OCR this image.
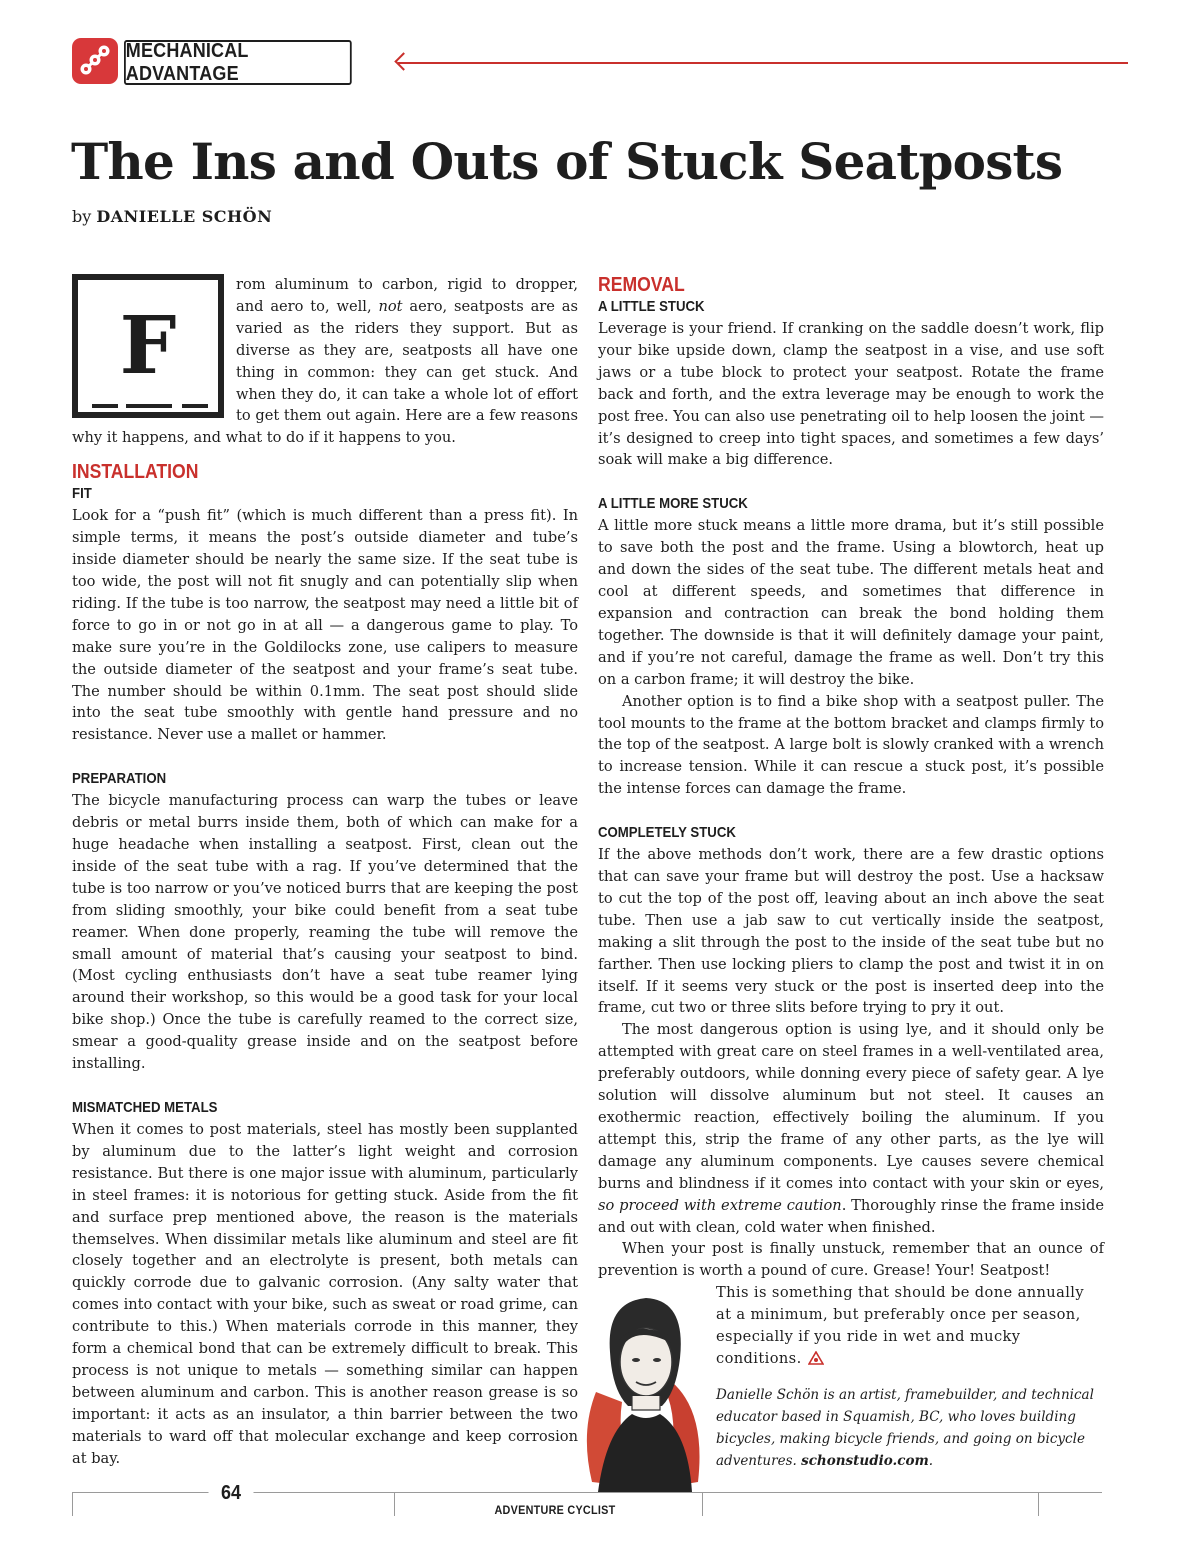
MECHANICAL ADVANTAGE
The Ins and Outs of Stuck Seatposts
by DANIELLE SCHÖN
F

rom aluminum to carbon, rigid to dropper, and aero to, well, not aero, seatposts are as varied as the riders they support. But as diverse as they are, seatposts all have one thing in common: they can get stuck. And when they do, it can take a whole lot of effort to get them out again. Here are a few reasons why it happens, and what to do if it happens to you.

INSTALLATION
FIT

Look for a “push fit” (which is much different than a press fit). In simple terms, it means the post’s outside diameter and tube’s inside diameter should be nearly the same size. If the seat tube is too wide, the post will not fit snugly and can potentially slip when riding. If the tube is too narrow, the seatpost may need a little bit of force to go in or not go in at all — a dangerous game to play. To make sure you’re in the Goldilocks zone, use calipers to measure the outside diameter of the seatpost and your frame’s seat tube. The number should be within 0.1mm. The seat post should slide into the seat tube smoothly with gentle hand pressure and no resistance. Never use a mallet or hammer.

PREPARATION

The bicycle manufacturing process can warp the tubes or leave debris or metal burrs inside them, both of which can make for a huge headache when installing a seatpost. First, clean out the inside of the seat tube with a rag. If you’ve determined that the tube is too narrow or you’ve noticed burrs that are keeping the post from sliding smoothly, your bike could benefit from a seat tube reamer. When done properly, reaming the tube will remove the small amount of material that’s causing your seatpost to bind. (Most cycling enthusiasts don’t have a seat tube reamer lying around their workshop, so this would be a good task for your local bike shop.) Once the tube is carefully reamed to the correct size, smear a good-quality grease inside and on the seatpost before installing.

MISMATCHED METALS

When it comes to post materials, steel has mostly been supplanted by aluminum due to the latter’s light weight and corrosion resistance. But there is one major issue with aluminum, particularly in steel frames: it is notorious for getting stuck. Aside from the fit and surface prep mentioned above, the reason is the materials themselves. When dissimilar metals like aluminum and steel are fit closely together and an electrolyte is present, both metals can quickly corrode due to galvanic corrosion. (Any salty water that comes into contact with your bike, such as sweat or road grime, can contribute to this.) When materials corrode in this manner, they form a chemical bond that can be extremely difficult to break. This process is not unique to metals — something similar can happen between aluminum and carbon. This is another reason grease is so important: it acts as an insulator, a thin barrier between the two materials to ward off that molecular exchange and keep corrosion at bay.

REMOVAL
A LITTLE STUCK

Leverage is your friend. If cranking on the saddle doesn’t work, flip your bike upside down, clamp the seatpost in a vise, and use soft jaws or a tube block to protect your seatpost. Rotate the frame back and forth, and the extra leverage may be enough to work the post free. You can also use penetrating oil to help loosen the joint — it’s designed to creep into tight spaces, and sometimes a few days’ soak will make a big difference.

A LITTLE MORE STUCK

A little more stuck means a little more drama, but it’s still possible to save both the post and the frame. Using a blowtorch, heat up and down the sides of the seat tube. The different metals heat and cool at different speeds, and sometimes that difference in expansion and contraction can break the bond holding them together. The downside is that it will definitely damage your paint, and if you’re not careful, damage the frame as well. Don’t try this on a carbon frame; it will destroy the bike.

Another option is to find a bike shop with a seatpost puller. The tool mounts to the frame at the bottom bracket and clamps firmly to the top of the seatpost. A large bolt is slowly cranked with a wrench to increase tension. While it can rescue a stuck post, it’s possible the intense forces can damage the frame.

COMPLETELY STUCK

If the above methods don’t work, there are a few drastic options that can save your frame but will destroy the post. Use a hacksaw to cut the top of the post off, leaving about an inch above the seat tube. Then use a jab saw to cut vertically inside the seatpost, making a slit through the post to the inside of the seat tube but no farther. Then use locking pliers to clamp the post and twist it in on itself. If it seems very stuck or the post is inserted deep into the frame, cut two or three slits before trying to pry it out.

The most dangerous option is using lye, and it should only be attempted with great care on steel frames in a well-ventilated area, preferably outdoors, while donning every piece of safety gear. A lye solution will dissolve aluminum but not steel. It causes an exothermic reaction, effectively boiling the aluminum. If you attempt this, strip the frame of any other parts, as the lye will damage any aluminum components. Lye causes severe chemical burns and blindness if it comes into contact with your skin or eyes, so proceed with extreme caution. Thoroughly rinse the frame inside and out with clean, cold water when finished.

When your post is finally unstuck, remember that an ounce of prevention is worth a pound of cure. Grease! Your! Seatpost!

This is something that should be done annually at a minimum, but preferably once per season, especially if you ride in wet and mucky conditions.

Danielle Schön is an artist, framebuilder, and technical educator based in Squamish, BC, who loves building bicycles, making bicycle friends, and going on bicycle adventures. schonstudio.com.

64
ADVENTURE CYCLIST
